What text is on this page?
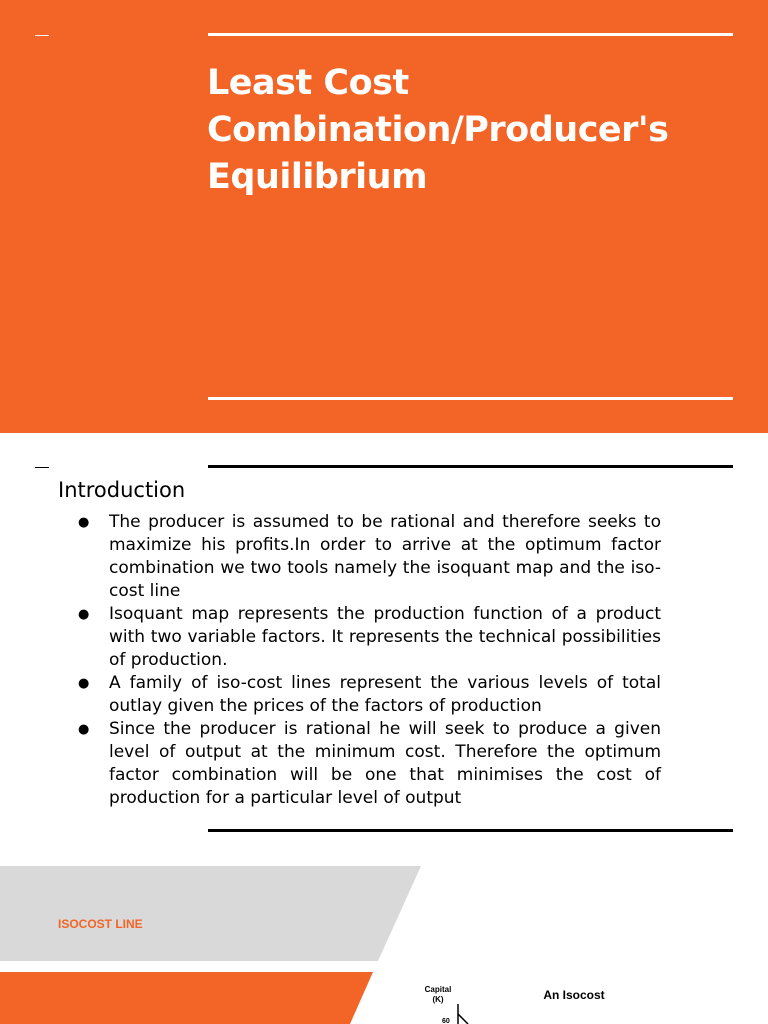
Least Cost
Combination/Producer's
Equilibrium
Introduction
● The producer is assumed to be rational and therefore seeks to maximize his profits.In order to arrive at the optimum factor combination we two tools namely the isoquant map and the iso-cost line
● Isoquant map represents the production function of a product with two variable factors. It represents the technical possibilities of production.
● A family of iso-cost lines represent the various levels of total outlay given the prices of the factors of production
● Since the producer is rational he will seek to produce a given level of output at the minimum cost. Therefore the optimum factor combination will be one that minimises the cost of production for a particular level of output
ISOCOST LINE
Capital
(K)
60
An Isocost
